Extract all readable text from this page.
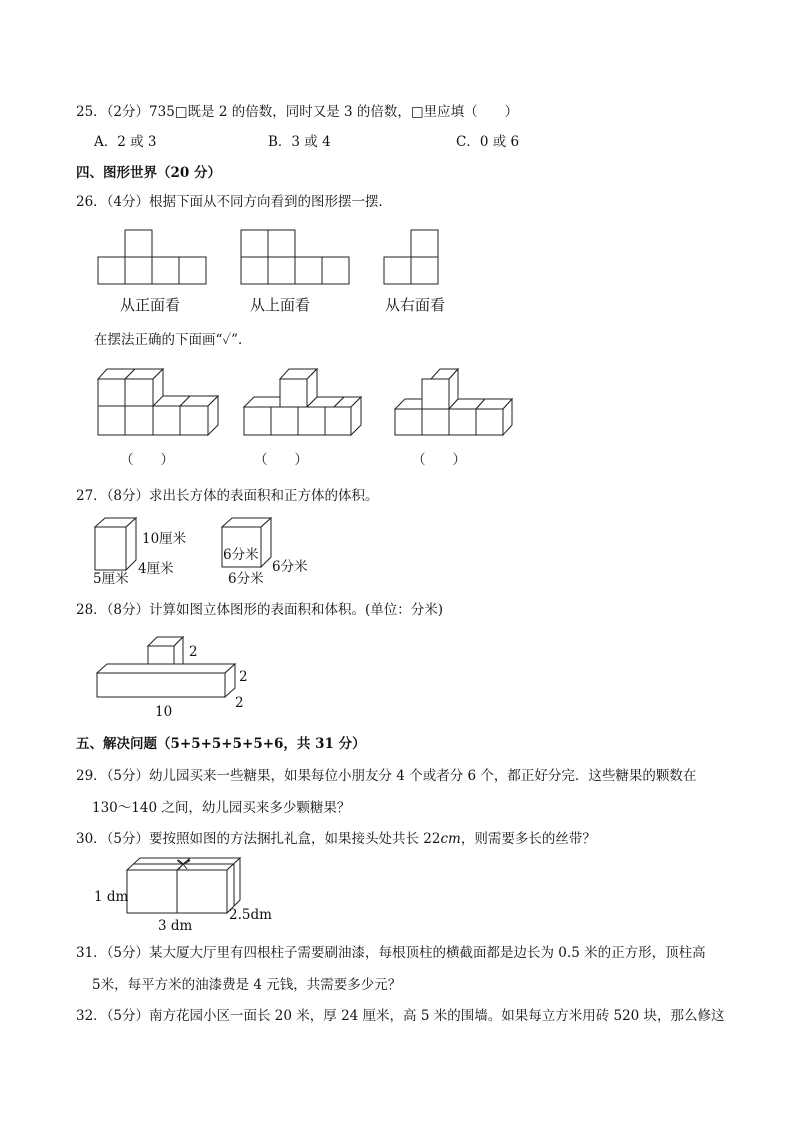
25．（2分）735□既是 2 的倍数，同时又是 3 的倍数，□里应填（　　）
A．2 或 3	B．3 或 4	C．0 或 6
四、图形世界（20 分）
26．（4分）根据下面从不同方向看到的图形摆一摆．
从正面看	从上面看	从右面看
在摆法正确的下面画“✓”．
（　　）	（　　）	（　　）
27．（8分）求出长方体的表面积和正方体的体积。
10厘米
4厘米
5厘米
6分米
6分米
6分米
28．（8分）计算如图立体图形的表面积和体积。(单位：分米)
2
2
2
10
五、解决问题（5+5+5+5+5+6，共 31 分）
29．（5分）幼儿园买来一些糖果，如果每位小朋友分 4 个或者分 6 个，都正好分完．这些糖果的颗数在
130～140 之间，幼儿园买来多少颗糖果？
30．（5分）要按照如图的方法捆扎礼盒，如果接头处共长 22cm，则需要多长的丝带？
1 dm
3 dm
2.5dm
31．（5分）某大厦大厅里有四根柱子需要刷油漆，每根顶柱的横截面都是边长为 0.5 米的正方形，顶柱高
5米，每平方米的油漆费是 4 元钱，共需要多少元？
32．（5分）南方花园小区一面长 20 米，厚 24 厘米，高 5 米的围墙。如果每立方米用砖 520 块，那么修这
